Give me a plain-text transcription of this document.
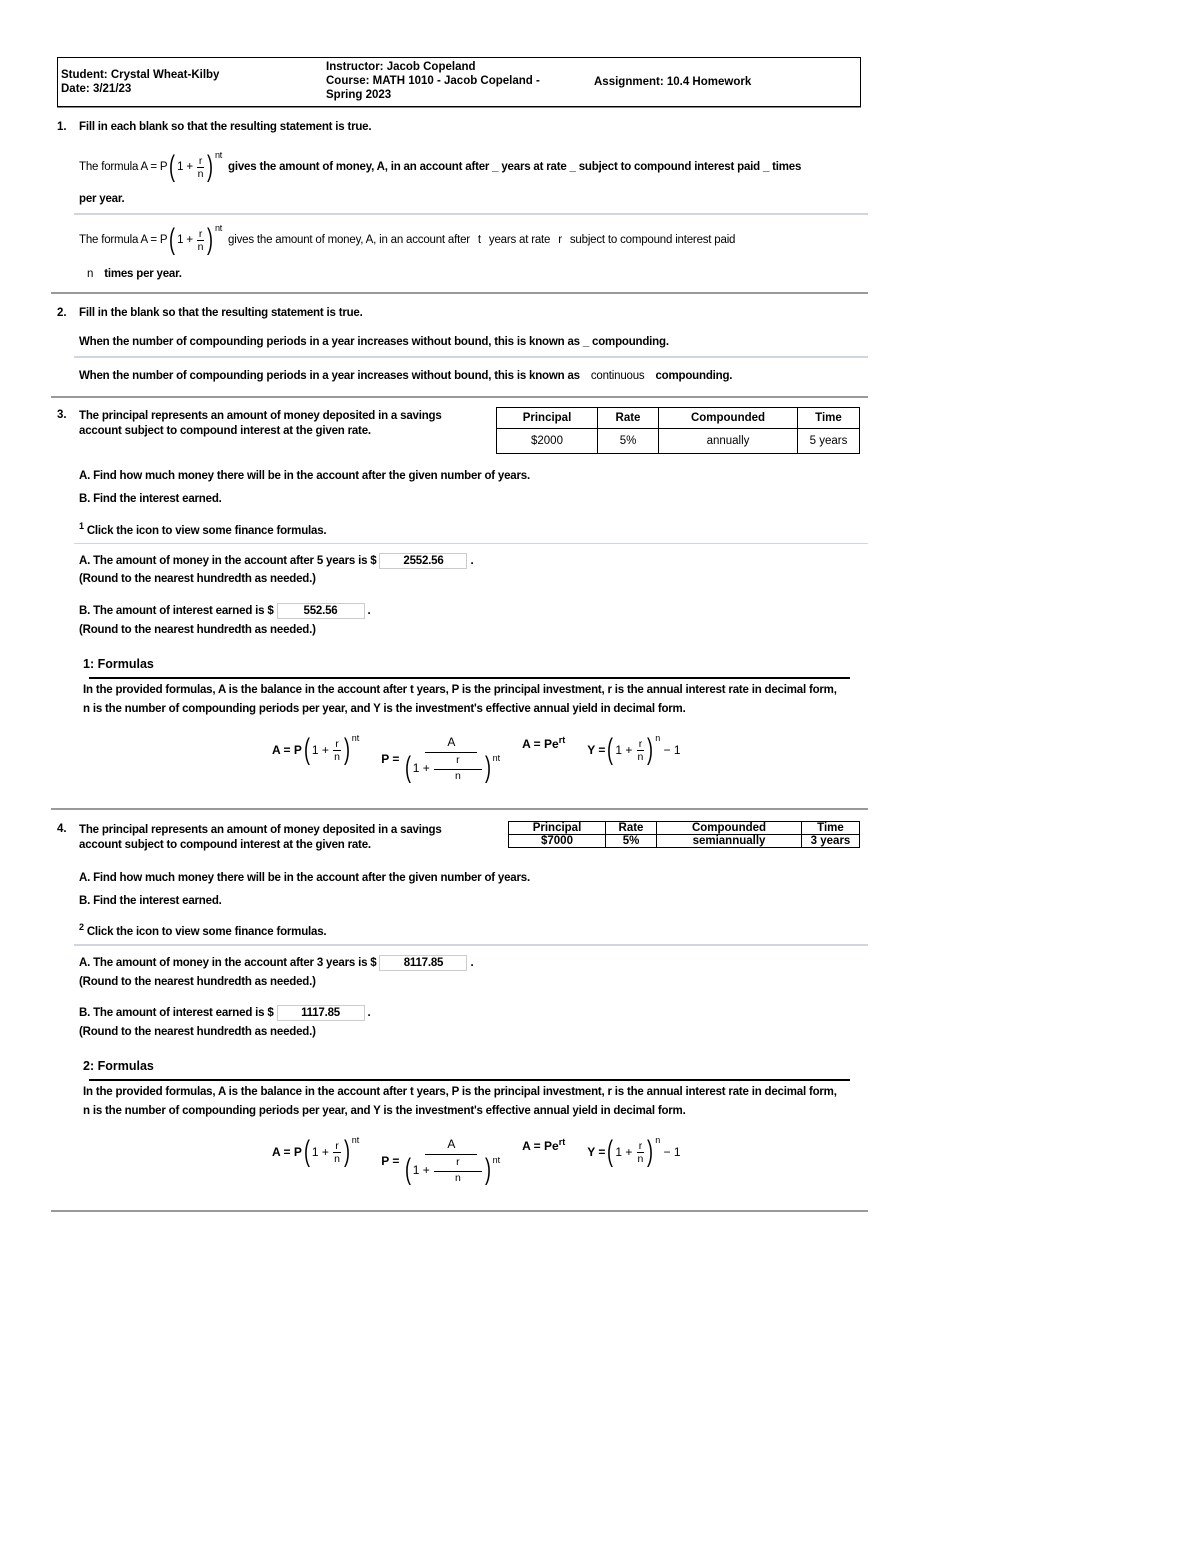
Student: Crystal Wheat-Kilby
Date: 3/21/23
Instructor: Jacob Copeland
Course: MATH 1010 - Jacob Copeland - Spring 2023
Assignment: 10.4 Homework
1. Fill in each blank so that the resulting statement is true.
The formula A = P ( $1 + \frac{r}{n} )^{nt}$
gives the amount of money, A, in an account after _ years at rate _ subject to compound interest paid _ times
per year.
The formula A = P ( $1 + \frac{r}{n} )^{nt}$
gives the amount of money, A, in an account after t years at rate r subject to compound interest paid
n times per year.
2. Fill in the blank so that the resulting statement is true.
When the number of compounding periods in a year increases without bound, this is known as _ compounding.
When the number of compounding periods in a year increases without bound, this is known as continuous compounding.
3. The principal represents an amount of money deposited in a savings account subject to compound interest at the given rate.
Principal	Rate	Compounded	Time
$2000	5%	annually	5 years
A. Find how much money there will be in the account after the given number of years.
B. Find the interest earned.
$^1$ Click the icon to view some finance formulas.
A. The amount of money in the account after 5 years is $ 2552.56 .
(Round to the nearest hundredth as needed.)
B. The amount of interest earned is $	552.56 .
(Round to the nearest hundredth as needed.)
1: Formulas
In the provided formulas, A is the balance in the account after t years, P is the principal investment, r is the annual interest rate in decimal form, n is the number of compounding periods per year, and Y is the investment's effective annual yield in decimal form.
A = P ( $1 + \frac{r}{n} )^{nt}$
$P = \frac{A}{( 1 + \frac{r}{n} )^{nt}}$ $A = Pe^{rt}$
Y = ( $1 + \frac{r}{n} )^n$
− 1
4. The principal represents an amount of money deposited in a savings account subject to compound interest at the given rate.
Principal	Rate	Compounded	Time
$7000	5%	semiannually	3 years
A. Find how much money there will be in the account after the given number of years.
B. Find the interest earned.
$^2$ Click the icon to view some finance formulas.
A. The amount of money in the account after 3 years is $ 8117.85 .
(Round to the nearest hundredth as needed.)
B. The amount of interest earned is $ 1117.85 .
(Round to the nearest hundredth as needed.)
2: Formulas
In the provided formulas, A is the balance in the account after t years, P is the principal investment, r is the annual interest rate in decimal form, n is the number of compounding periods per year, and Y is the investment's effective annual yield in decimal form.
A = P ( $1 + \frac{r}{n} )^{nt}$
$P = \frac{A}{( 1 + \frac{r}{n} )^{nt}}$ $A = Pe^{rt}$
Y = ( $1 + \frac{r}{n} )^n$
− 1
